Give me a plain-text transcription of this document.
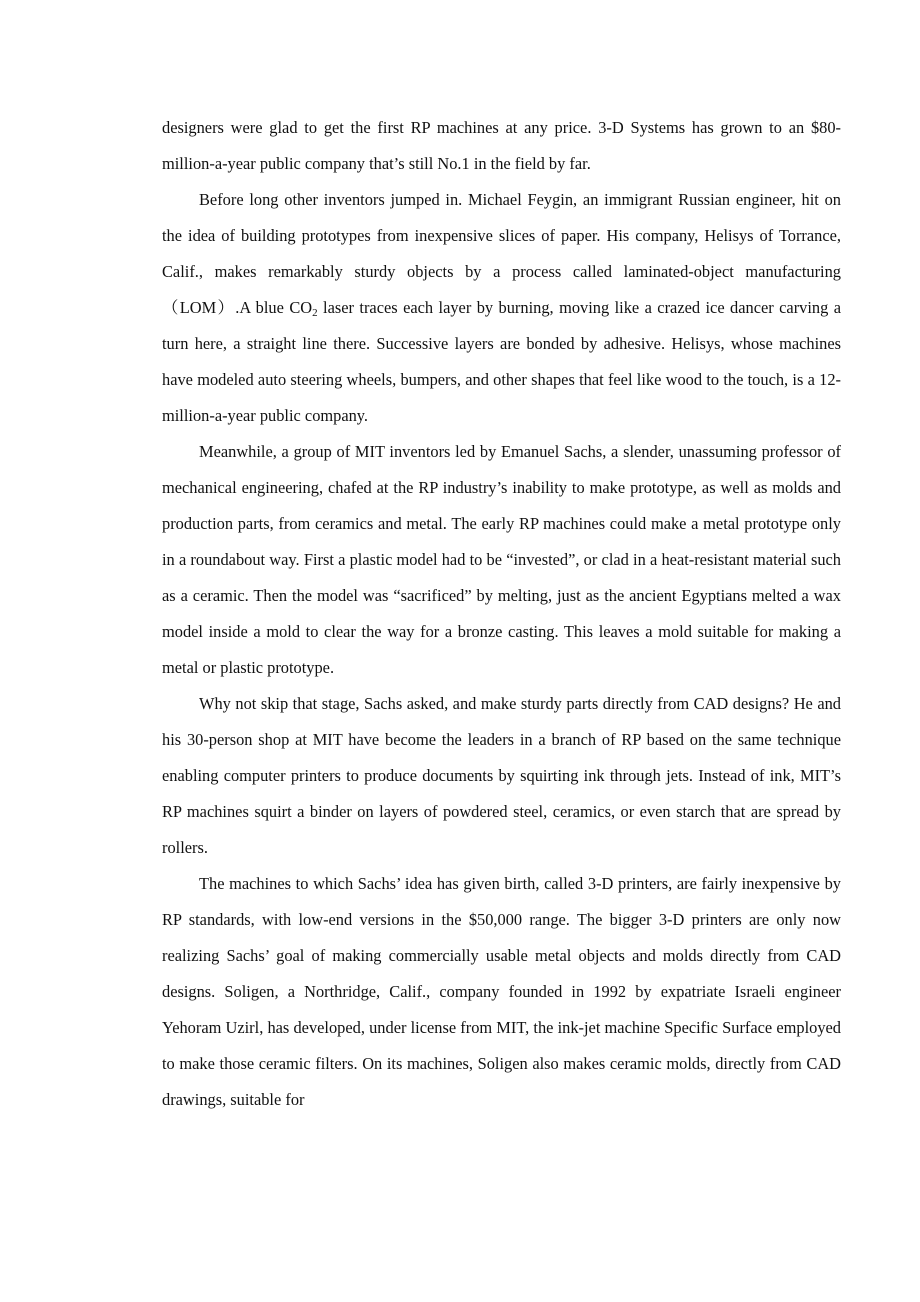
designers were glad to get the first RP machines at any price. 3-D Systems has grown to an $80-million-a-year public company that’s still No.1 in the field by far.

Before long other inventors jumped in. Michael Feygin, an immigrant Russian engineer, hit on the idea of building prototypes from inexpensive slices of paper. His company, Helisys of Torrance, Calif., makes remarkably sturdy objects by a process called laminated-object manufacturing（LOM）.A blue $CO_2$ laser traces each layer by burning, moving like a crazed ice dancer carving a turn here, a straight line there. Successive layers are bonded by adhesive. Helisys, whose machines have modeled auto steering wheels, bumpers, and other shapes that feel like wood to the touch, is a 12-million-a-year public company.

Meanwhile, a group of MIT inventors led by Emanuel Sachs, a slender, unassuming professor of mechanical engineering, chafed at the RP industry’s inability to make prototype, as well as molds and production parts, from ceramics and metal. The early RP machines could make a metal prototype only in a roundabout way. First a plastic model had to be “invested”, or clad in a heat-resistant material such as a ceramic. Then the model was “sacrificed” by melting, just as the ancient Egyptians melted a wax model inside a mold to clear the way for a bronze casting. This leaves a mold suitable for making a metal or plastic prototype.

Why not skip that stage, Sachs asked, and make sturdy parts directly from CAD designs? He and his 30-person shop at MIT have become the leaders in a branch of RP based on the same technique enabling computer printers to produce documents by squirting ink through jets. Instead of ink, MIT’s RP machines squirt a binder on layers of powdered steel, ceramics, or even starch that are spread by rollers.

The machines to which Sachs’ idea has given birth, called 3-D printers, are fairly inexpensive by RP standards, with low-end versions in the $50,000 range. The bigger 3-D printers are only now realizing Sachs’ goal of making commercially usable metal objects and molds directly from CAD designs. Soligen, a Northridge, Calif., company founded in 1992 by expatriate Israeli engineer Yehoram Uzirl, has developed, under license from MIT, the ink-jet machine Specific Surface employed to make those ceramic filters. On its machines, Soligen also makes ceramic molds, directly from CAD drawings, suitable for
